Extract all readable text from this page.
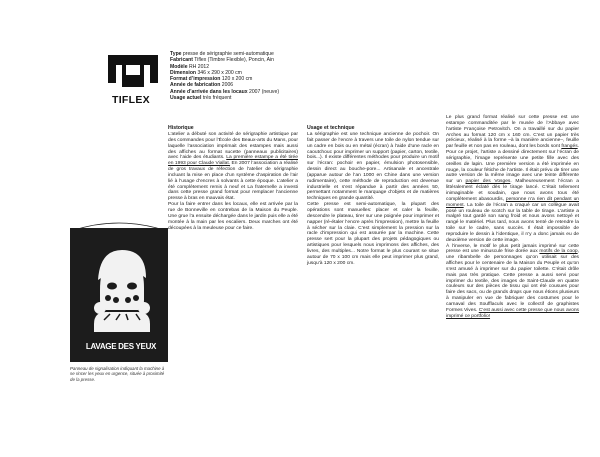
TIFLEX
Type presse de sérigraphie semi-automatique
Fabricant Tiflex (Timbre Flexible), Poncin, Ain
Modèle RH 2012
Dimension 346 x 290 x 200 cm
Format d’impression 120 x 200 cm
Année de fabrication 2006
Année d’arrivée dans les locaux 2007 (neuve)
Usage actuel très fréquent
Historique

L’atelier a débuté son activité de sérigraphie artistique par des commandes pour l’École des Beaux-arts du Mans, pour laquelle l’association imprimait des estampes mais aussi des affiches au format sucette (panneaux publicitaires) avec l’aide des étudiants. La première estampe a été tirée en 1993 pour Claude Viallat. En 2007 l’association a réalisé de gros travaux de réfection de l’atelier de sérigraphie incluant la mise en place d’un système d’aspiration de l’air lié à l’usage d’encres à solvants à cette époque. L’atelier a été complètement remis à neuf et La fraternelle a investi dans cette presse grand format pour remplacer l’ancienne presse à bras en mauvais état.

Pour la faire entrer dans les locaux, elle est arrivée par la rue de Bonneville en contrebas de la Maison du Peuple. Une grue l’a ensuite déchargée dans le jardin puis elle a été montée à la main par les escaliers. Deux marches ont été découpées à la meuleuse pour ce faire.

Usage et technique

La sérigraphie est une technique ancienne de pochoir. On fait passer de l’encre à travers une toile de nylon tendue sur un cadre en bois ou en métal (écran) à l’aide d’une racle en caoutchouc pour imprimer un support (papier, carton, textile, bois...). Il existe différentes méthodes pour produire un motif sur l’écran: pochoir en papier, émulsion photosensible, dessin direct au bouche-pore... Artisanale et ancestrale (apparue autour de l’an 1000 en Chine dans une version rudimentaire), cette méthode de reproduction est devenue industrielle et s’est répandue à partir des années 50, permettant notamment le marquage d’objets et de matières techniques en grande quantité.

Cette presse est semi-automatique, la plupart des opérations sont manuelles: placer et caler la feuille, descendre le plateau, tirer sur une poignée pour imprimer et napper (ré-étaler l’encre après l’impression), mettre la feuille à sécher sur la claie. C’est simplement la pression sur la racle d’impression qui est assurée par la machine. Cette presse sert pour la plupart des projets pédagogiques ou artistiques pour lesquels nous imprimons des affiches, des livres, des multiples... Notre format le plus courant se situe autour de 70 x 100 cm mais elle peut imprimer plus grand, jusqu’à 120 x 200 cm.

Le plus grand format réalisé sur cette presse est une estampe commanditée par le musée de l’Abbaye avec l’artiste Françoise Petrovitch. On a travaillé sur du papier Arches au format 120 cm x 160 cm. C’est un papier très précieux, réalisé à la forme –à la manière ancienne–, feuille par feuille et non pas en rouleau, dont les bords sont frangés. Pour ce projet, l’artiste a dessiné directement sur l’écran de sérigraphie, l’image représente une petite fille avec des oreilles de lapin. Une première version a été imprimée en rouge, la couleur fétiche de l’artiste. Il était prévu de tirer une autre version de la même image avec une teinte différente sur un papier des Vosges. Malheureusement l’écran a littéralement éclaté dès le tirage lancé. C’était tellement inimaginable et soudain, que nous avons tous été complètement abasourdis, personne n’a rien dit pendant un moment. La toile de l’écran a craqué car un collègue avait posé un rouleau de scotch sur la table de tirage. L’artiste a malgré tout gardé son sang froid et nous avons nettoyé et rangé le matériel. Plus tard, nous avons tenté de retendre la toile sur le cadre, sans succès. Il était impossible de reproduire le dessin à l’identique, il n’y a donc jamais eu de deuxième version de cette image.

À l’inverse, le motif le plus petit jamais imprimé sur cette presse est une minuscule frise dorée aux motifs de la coop, une ribambelle de personnages qu’on utilisait sur des affiches pour le centenaire de la Maison du Peuple et qu’on s’est amusé à imprimer sur du papier toilette. C’était drôle mais pas très pratique. Cette presse a aussi servi pour imprimer du textile, des images de Saint-Claude en quatre couleurs sur des pièces de tissu qui ont été cousues pour faire des sacs, ou de grands draps que nous étions plusieurs à manipuler en vue de fabriquer des costumes pour le carnaval des Soufflaculs avec le collectif de graphistes Formes Vives. C’est aussi avec cette presse que nous avons imprimé ce portfolio!

LAVAGE DES YEUX
Panneau de signalisation indiquant la machine à se rincer les yeux en urgence, située à proximité de la presse.
